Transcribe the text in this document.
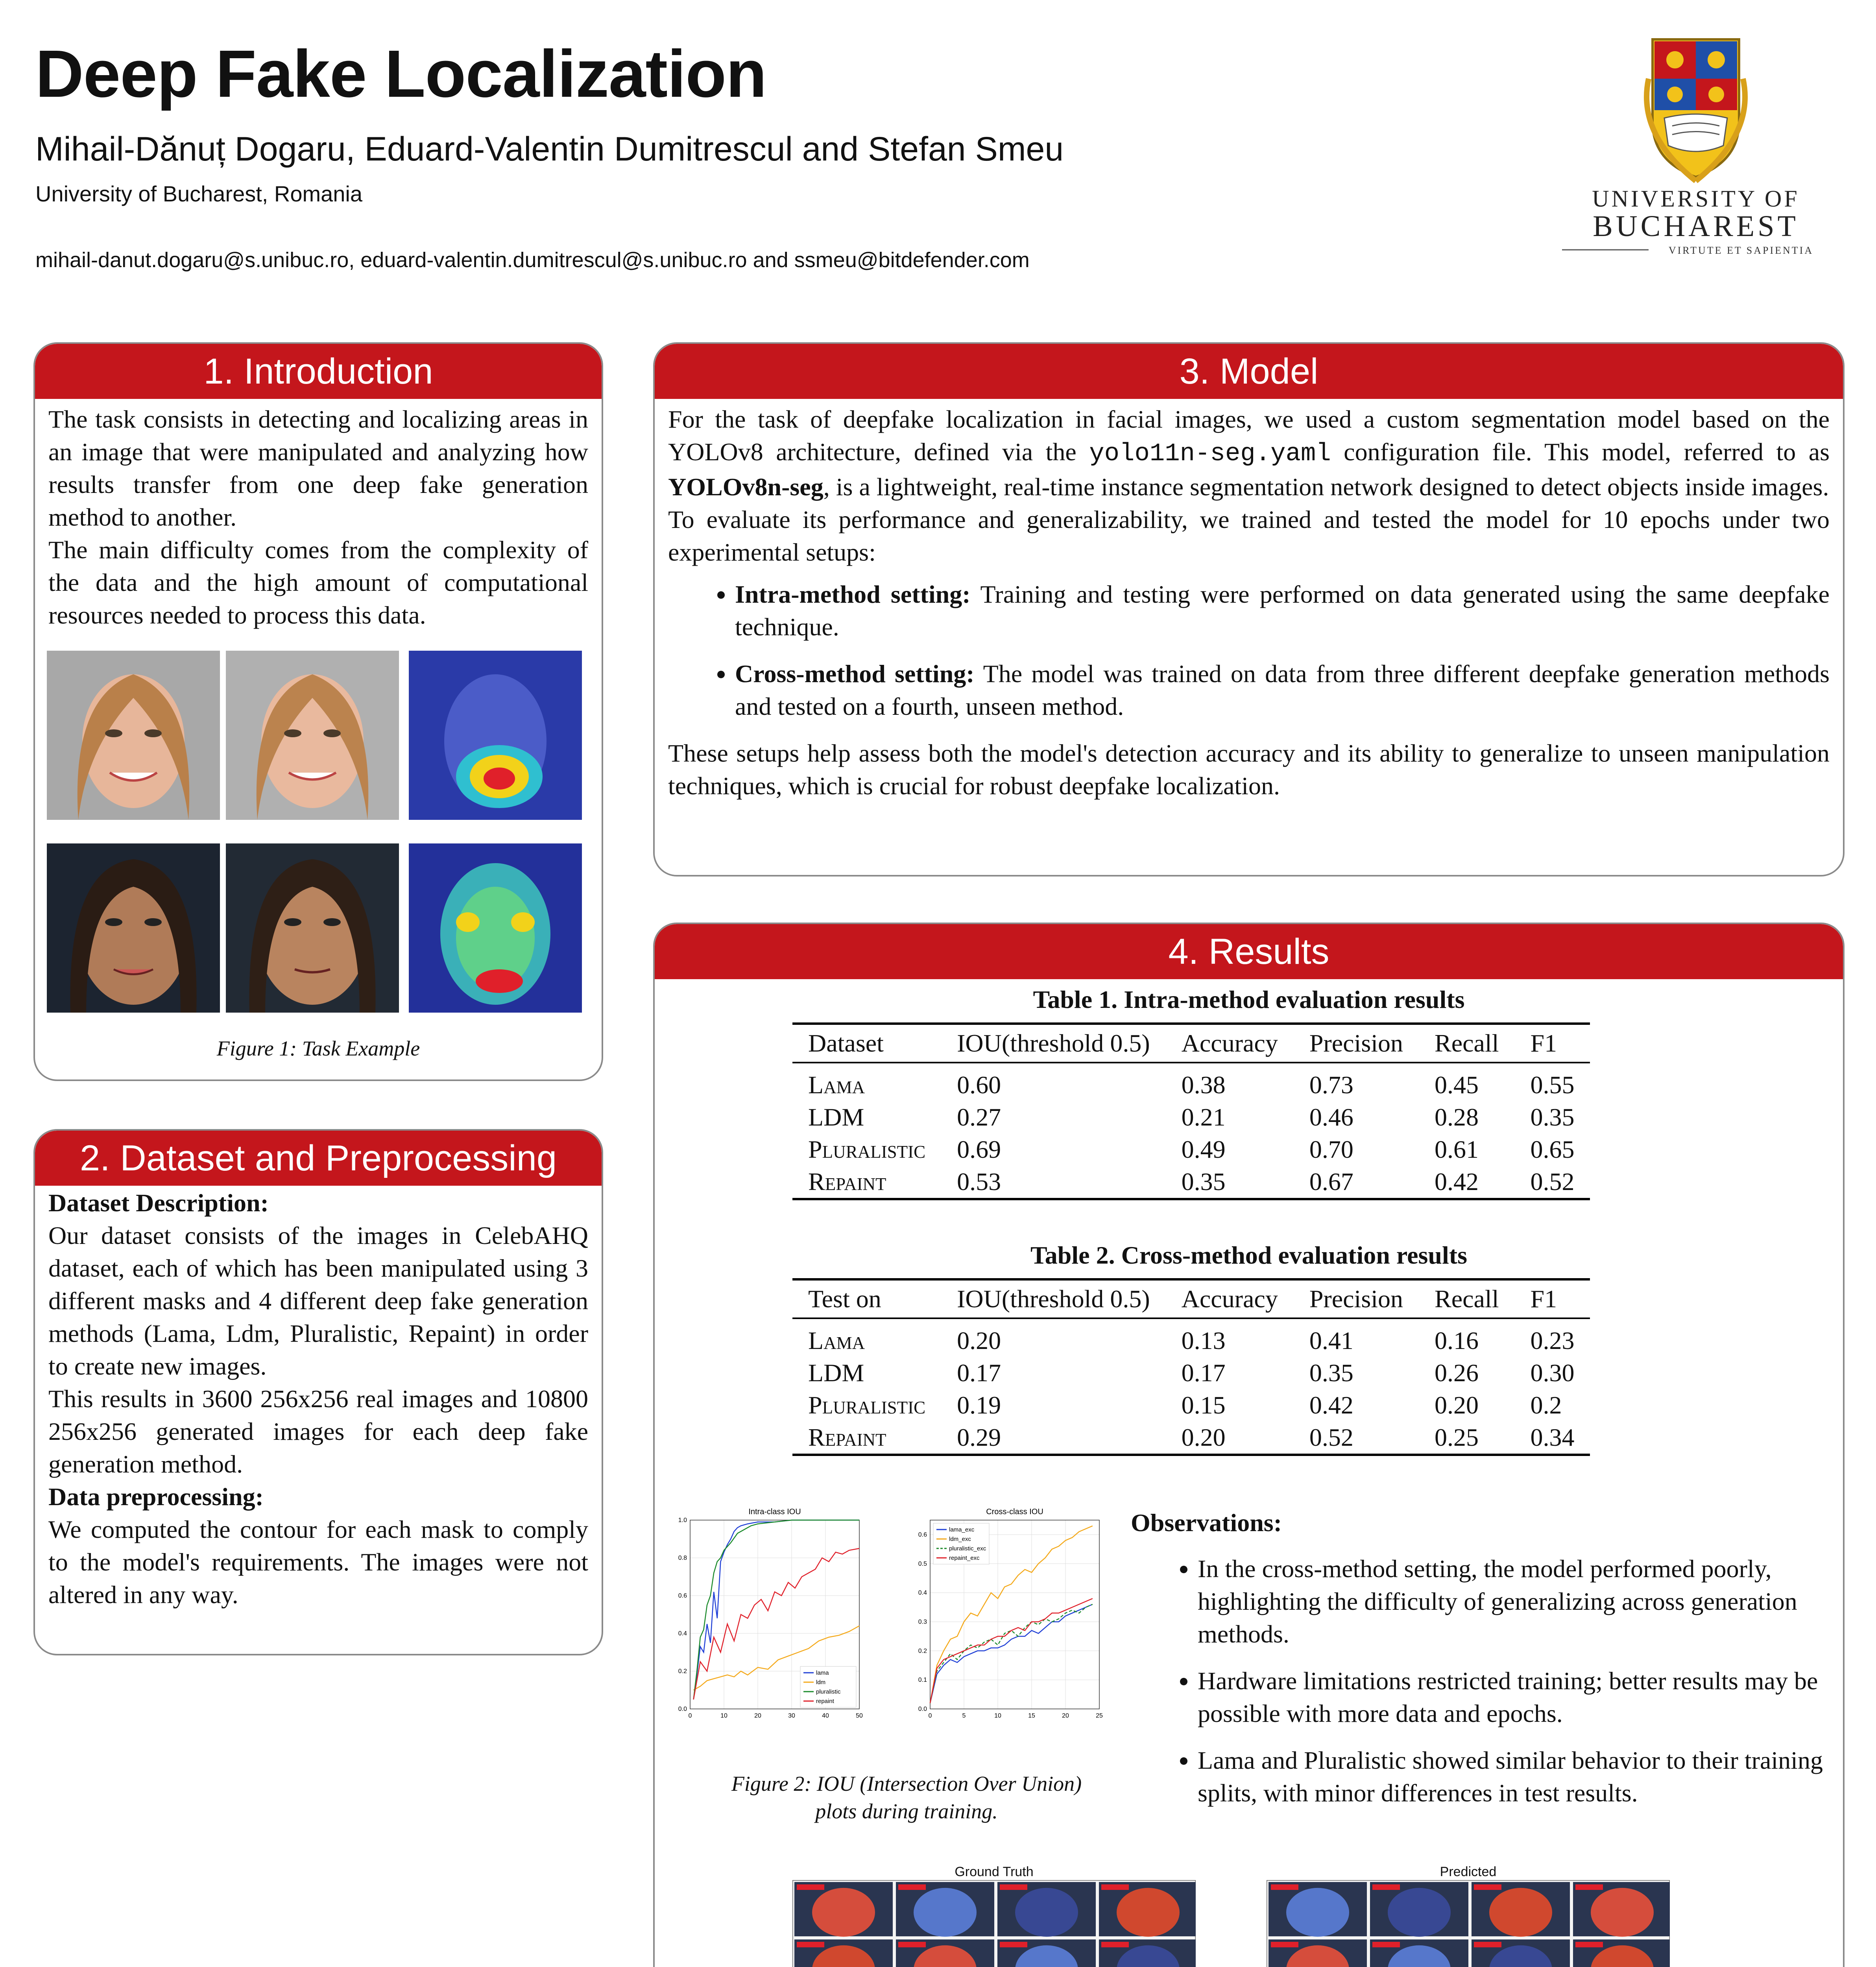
Deep Fake Localization
Mihail-Dănuț Dogaru, Eduard-Valentin Dumitrescul and Stefan Smeu
University of Bucharest, Romania
mihail-danut.dogaru@s.unibuc.ro, eduard-valentin.dumitrescul@s.unibuc.ro and ssmeu@bitdefender.com
UNIVERSITY OF
BUCHAREST
VIRTUTE ET SAPIENTIA
1. Introduction

The task consists in detecting and localizing areas in an image that were manipulated and analyzing how results transfer from one deep fake generation method to another.

The main difficulty comes from the complexity of the data and the high amount of computational resources needed to process this data.

Figure 1: Task Example
2. Dataset and Preprocessing

Dataset Description:

Our dataset consists of the images in CelebAHQ dataset, each of which has been manipulated using 3 different masks and 4 different deep fake generation methods (Lama, Ldm, Pluralistic, Repaint) in order to create new images.

This results in 3600 256x256 real images and 10800 256x256 generated images for each deep fake generation method.

Data preprocessing:

We computed the contour for each mask to comply to the model's requirements. The images were not altered in any way.

3. Model

For the task of deepfake localization in facial images, we used a custom segmentation model based on the YOLOv8 architecture, defined via the yolo11n-seg.yaml configuration file. This model, referred to as YOLOv8n-seg, is a lightweight, real-time instance segmentation network designed to detect objects inside images.

To evaluate its performance and generalizability, we trained and tested the model for 10 epochs under two experimental setups:

• Intra-method setting: Training and testing were performed on data generated using the same deepfake technique.
• Cross-method setting: The model was trained on data from three different deepfake generation methods and tested on a fourth, unseen method.

These setups help assess both the model's detection accuracy and its ability to generalize to unseen manipulation techniques, which is crucial for robust deepfake localization.

4. Results
Table 1. Intra-method evaluation results
Dataset	IOU(threshold 0.5)	Accuracy	Precision	Recall	F1
Lama	0.60	0.38	0.73	0.45	0.55
LDM	0.27	0.21	0.46	0.28	0.35
Pluralistic	0.69	0.49	0.70	0.61	0.65
Repaint	0.53	0.35	0.67	0.42	0.52
Table 2. Cross-method evaluation results
Test on	IOU(threshold 0.5)	Accuracy	Precision	Recall	F1
Lama	0.20	0.13	0.41	0.16	0.23
LDM	0.17	0.17	0.35	0.26	0.30
Pluralistic	0.19	0.15	0.42	0.20	0.2
Repaint	0.29	0.20	0.52	0.25	0.34
Intra-class IOU
0	10	20	30	40	50
0.0
0.2
0.4
0.6
0.8
1.0
lama
ldm
pluralistic
repaint
Cross-class IOU
0	5	10	15	20	25
0.0
0.1
0.2
0.3
0.4
0.5
0.6
lama_exc
ldm_exc
pluralistic_exc
repaint_exc
Figure 2: IOU (Intersection Over Union)
plots during training.
Observations:
• In the cross-method setting, the model performed poorly, highlighting the difficulty of generalizing across generation methods.
• Hardware limitations restricted training; better results may be possible with more data and epochs.
• Lama and Pluralistic showed similar behavior to their training splits, with minor differences in test results.
Ground Truth	Predicted
